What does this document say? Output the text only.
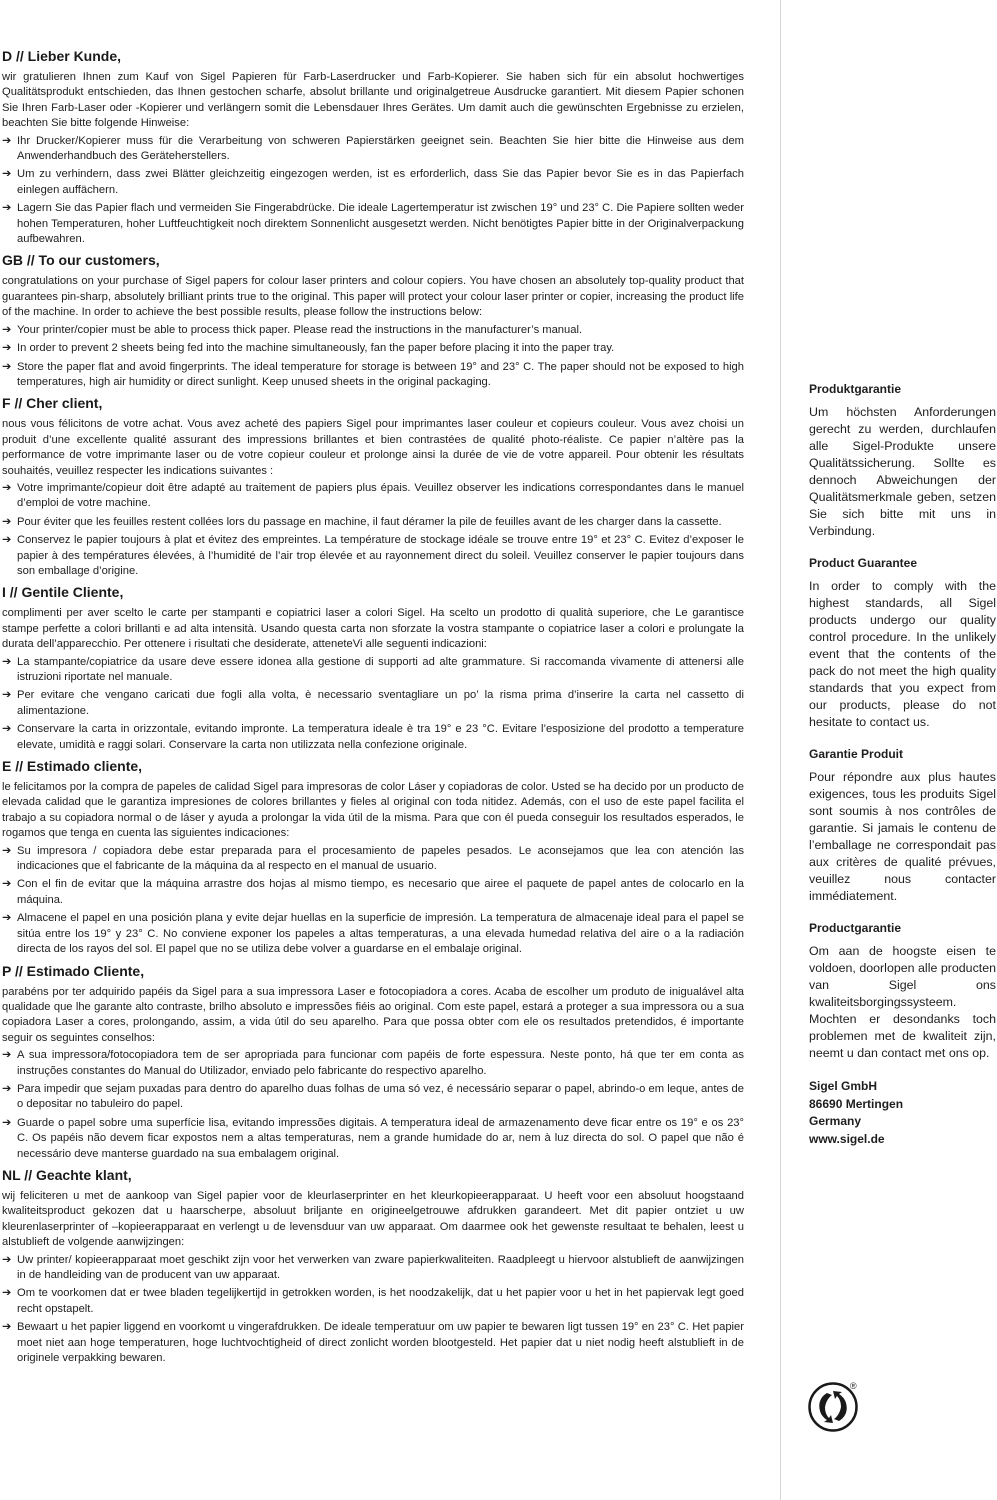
D // Lieber Kunde,

wir gratulieren Ihnen zum Kauf von Sigel Papieren für Farb-Laserdrucker und Farb-Kopierer. Sie haben sich für ein absolut hochwertiges Qualitätsprodukt entschieden, das Ihnen gestochen scharfe, absolut brillante und originalgetreue Ausdrucke garantiert. Mit diesem Papier schonen Sie Ihren Farb-Laser oder -Kopierer und verlängern somit die Lebensdauer Ihres Gerätes. Um damit auch die gewünschten Ergebnisse zu erzielen, beachten Sie bitte folgende Hinweise:

➔ Ihr Drucker/Kopierer muss für die Verarbeitung von schweren Papierstärken geeignet sein. Beachten Sie hier bitte die Hinweise aus dem Anwenderhandbuch des Geräteherstellers.
➔ Um zu verhindern, dass zwei Blätter gleichzeitig eingezogen werden, ist es erforderlich, dass Sie das Papier bevor Sie es in das Papierfach einlegen auffächern.
➔ Lagern Sie das Papier flach und vermeiden Sie Fingerabdrücke. Die ideale Lagertemperatur ist zwischen 19° und 23° C. Die Papiere sollten weder hohen Temperaturen, hoher Luftfeuchtigkeit noch direktem Sonnenlicht ausgesetzt werden. Nicht benötigtes Papier bitte in der Originalverpackung aufbewahren.
GB // To our customers,

congratulations on your purchase of Sigel papers for colour laser printers and colour copiers. You have chosen an absolutely top-quality product that guarantees pin-sharp, absolutely brilliant prints true to the original. This paper will protect your colour laser printer or copier, increasing the product life of the machine. In order to achieve the best possible results, please follow the instructions below:

➔ Your printer/copier must be able to process thick paper. Please read the instructions in the manufacturer’s manual.
➔ In order to prevent 2 sheets being fed into the machine simultaneously, fan the paper before placing it into the paper tray.
➔ Store the paper flat and avoid fingerprints. The ideal temperature for storage is between 19° and 23° C. The paper should not be exposed to high temperatures, high air humidity or direct sunlight. Keep unused sheets in the original packaging.
F // Cher client,

nous vous félicitons de votre achat. Vous avez acheté des papiers Sigel pour imprimantes laser couleur et copieurs couleur. Vous avez choisi un produit d’une excellente qualité assurant des impressions brillantes et bien contrastées de qualité photo-réaliste. Ce papier n’altère pas la performance de votre imprimante laser ou de votre copieur couleur et prolonge ainsi la durée de vie de votre appareil. Pour obtenir les résultats souhaités, veuillez respecter les indications suivantes :

➔ Votre imprimante/copieur doit être adapté au traitement de papiers plus épais. Veuillez observer les indications correspondantes dans le manuel d’emploi de votre machine.
➔ Pour éviter que les feuilles restent collées lors du passage en machine, il faut déramer la pile de feuilles avant de les charger dans la cassette.
➔ Conservez le papier toujours à plat et évitez des empreintes. La température de stockage idéale se trouve entre 19° et 23° C. Evitez d’exposer le papier à des températures élevées, à l’humidité de l’air trop élevée et au rayonnement direct du soleil. Veuillez conserver le papier toujours dans son emballage d’origine.
I // Gentile Cliente,

complimenti per aver scelto le carte per stampanti e copiatrici laser a colori Sigel. Ha scelto un prodotto di qualità superiore, che Le garantisce stampe perfette a colori brillanti e ad alta intensità. Usando questa carta non sforzate la vostra stampante o copiatrice laser a colori e prolungate la durata dell’apparecchio. Per ottenere i risultati che desiderate, atteneteVi alle seguenti indicazioni:

➔ La stampante/copiatrice da usare deve essere idonea alla gestione di supporti ad alte grammature. Si raccomanda vivamente di attenersi alle istruzioni riportate nel manuale.
➔ Per evitare che vengano caricati due fogli alla volta, è necessario sventagliare un po’ la risma prima d’inserire la carta nel cassetto di alimentazione.
➔ Conservare la carta in orizzontale, evitando impronte. La temperatura ideale è tra 19° e 23 °C. Evitare l’esposizione del prodotto a temperature elevate, umidità e raggi solari. Conservare la carta non utilizzata nella confezione originale.
E // Estimado cliente,

le felicitamos por la compra de papeles de calidad Sigel para impresoras de color Láser y copiadoras de color. Usted se ha decido por un producto de elevada calidad que le garantiza impresiones de colores brillantes y fieles al original con toda nitidez. Además, con el uso de este papel facilita el trabajo a su copiadora normal o de láser y ayuda a prolongar la vida útil de la misma. Para que con él pueda conseguir los resultados esperados, le rogamos que tenga en cuenta las siguientes indicaciones:

➔ Su impresora / copiadora debe estar preparada para el procesamiento de papeles pesados. Le aconsejamos que lea con atención las indicaciones que el fabricante de la máquina da al respecto en el manual de usuario.
➔ Con el fin de evitar que la máquina arrastre dos hojas al mismo tiempo, es necesario que airee el paquete de papel antes de colocarlo en la máquina.
➔ Almacene el papel en una posición plana y evite dejar huellas en la superficie de impresión. La temperatura de almacenaje ideal para el papel se sitúa entre los 19° y 23° C. No conviene exponer los papeles a altas temperaturas, a una elevada humedad relativa del aire o a la radiación directa de los rayos del sol. El papel que no se utiliza debe volver a guardarse en el embalaje original.
P // Estimado Cliente,

parabéns por ter adquirido papéis da Sigel para a sua impressora Laser e fotocopiadora a cores. Acaba de escolher um produto de inigualável alta qualidade que lhe garante alto contraste, brilho absoluto e impressões fiéis ao original. Com este papel, estará a proteger a sua impressora ou a sua copiadora Laser a cores, prolongando, assim, a vida útil do seu aparelho. Para que possa obter com ele os resultados pretendidos, é importante seguir os seguintes conselhos:

➔ A sua impressora/fotocopiadora tem de ser apropriada para funcionar com papéis de forte espessura. Neste ponto, há que ter em conta as instruções constantes do Manual do Utilizador, enviado pelo fabricante do respectivo aparelho.
➔ Para impedir que sejam puxadas para dentro do aparelho duas folhas de uma só vez, é necessário separar o papel, abrindo-o em leque, antes de o depositar no tabuleiro do papel.
➔ Guarde o papel sobre uma superfície lisa, evitando impressões digitais. A temperatura ideal de armazenamento deve ficar entre os 19° e os 23° C. Os papéis não devem ficar expostos nem a altas temperaturas, nem a grande humidade do ar, nem à luz directa do sol. O papel que não é necessário deve manterse guardado na sua embalagem original.
NL // Geachte klant,

wij feliciteren u met de aankoop van Sigel papier voor de kleurlaserprinter en het kleurkopieerapparaat. U heeft voor een absoluut hoogstaand kwaliteitsproduct gekozen dat u haarscherpe, absoluut briljante en origineelgetrouwe afdrukken garandeert. Met dit papier ontziet u uw kleurenlaserprinter of –kopieerapparaat en verlengt u de levensduur van uw apparaat. Om daarmee ook het gewenste resultaat te behalen, leest u alstublieft de volgende aanwijzingen:

➔ Uw printer/ kopieerapparaat moet geschikt zijn voor het verwerken van zware papierkwaliteiten. Raadpleegt u hiervoor alstublieft de aanwijzingen in de handleiding van de producent van uw apparaat.
➔ Om te voorkomen dat er twee bladen tegelijkertijd in getrokken worden, is het noodzakelijk, dat u het papier voor u het in het papiervak legt goed recht opstapelt.
➔ Bewaart u het papier liggend en voorkomt u vingerafdrukken. De ideale temperatuur om uw papier te bewaren ligt tussen 19° en 23° C. Het papier moet niet aan hoge temperaturen, hoge luchtvochtigheid of direct zonlicht worden blootgesteld. Het papier dat u niet nodig heeft alstublieft in de originele verpakking bewaren.
Produktgarantie

Um höchsten Anforderungen gerecht zu werden, durchlaufen alle Sigel-Produkte unsere Qualitätssicherung. Sollte es dennoch Abweichungen der Qualitätsmerkmale geben, setzen Sie sich bitte mit uns in Verbindung.

Product Guarantee

In order to comply with the highest standards, all Sigel products undergo our quality control procedure. In the unlikely event that the contents of the pack do not meet the high quality standards that you expect from our products, please do not hesitate to contact us.

Garantie Produit

Pour répondre aux plus hautes exigences, tous les produits Sigel sont soumis à nos contrôles de garantie. Si jamais le contenu de l’emballage ne correspondait pas aux critères de qualité prévues, veuillez nous contacter immédiatement.

Productgarantie

Om aan de hoogste eisen te voldoen, doorlopen alle producten van Sigel ons kwaliteitsborgingssysteem. Mochten er desondanks toch problemen met de kwaliteit zijn, neemt u dan contact met ons op.

Sigel GmbH
86690 Mertingen
Germany
www.sigel.de
®
